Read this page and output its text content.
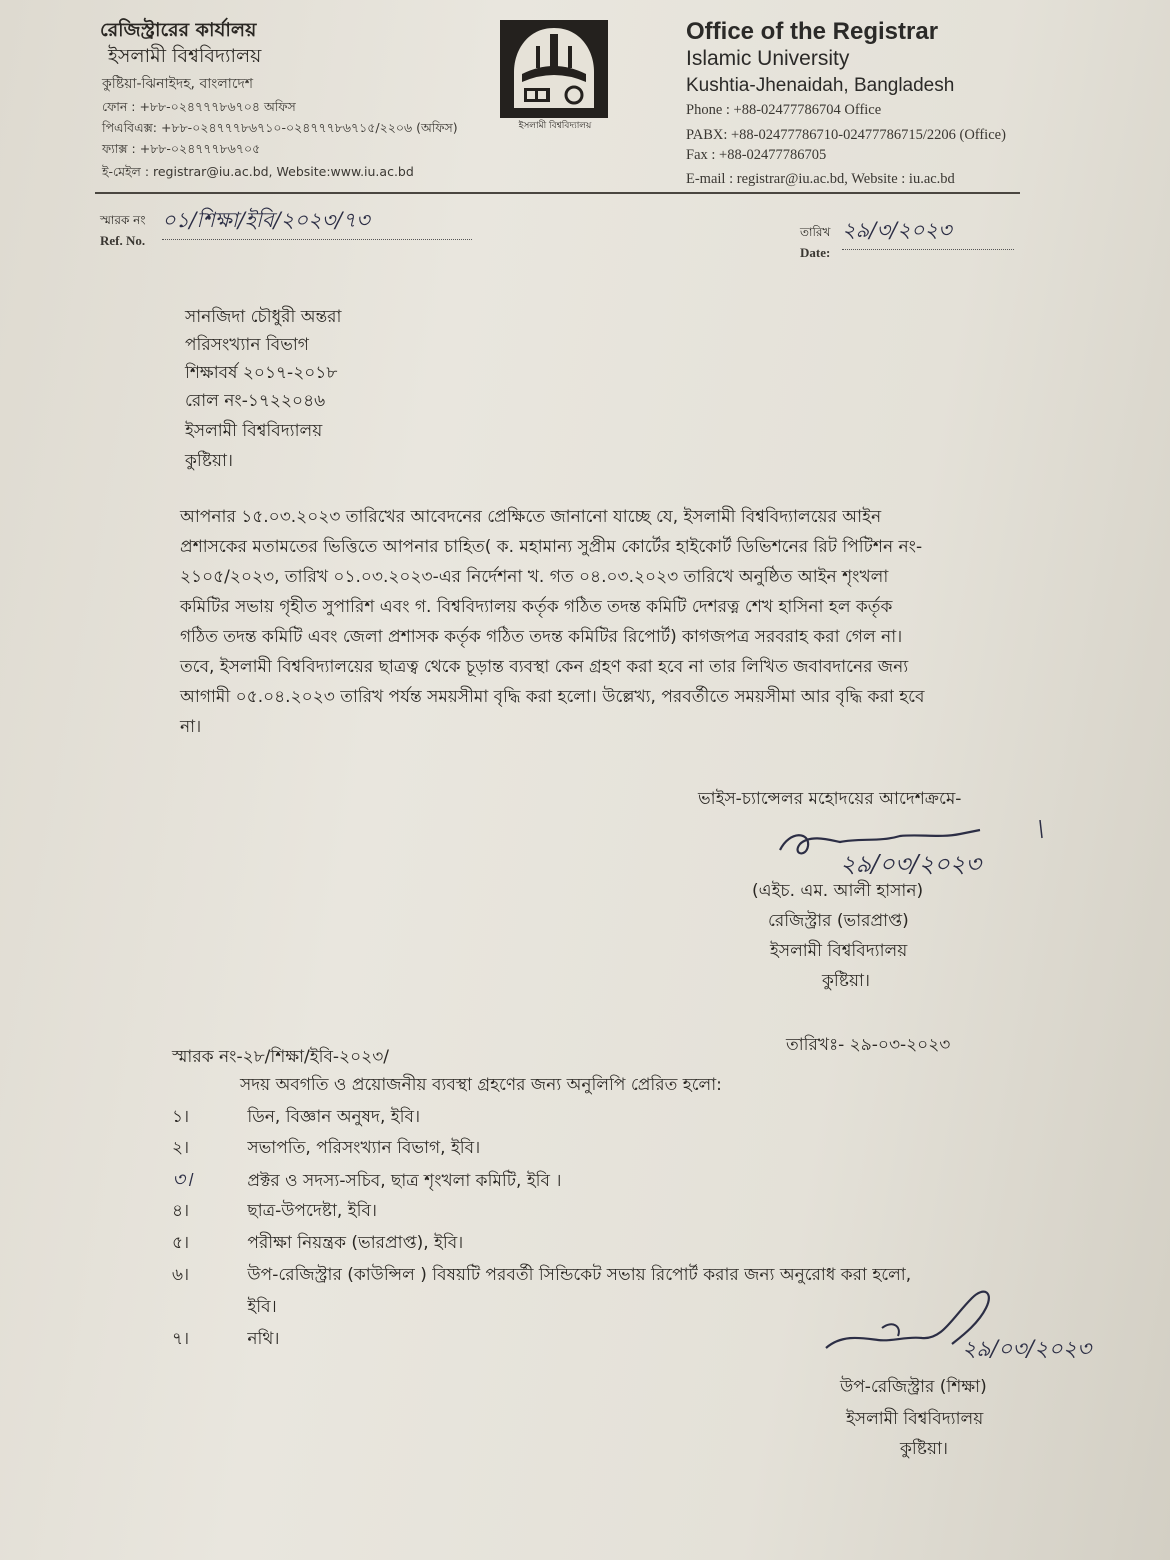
রেজিস্ট্রারের কার্যালয়
ইসলামী বিশ্ববিদ্যালয়
কুষ্টিয়া-ঝিনাইদহ, বাংলাদেশ
ফোন : +৮৮-০২৪৭৭৭৮৬৭০৪ অফিস
পিএবিএক্স: +৮৮-০২৪৭৭৭৮৬৭১০-০২৪৭৭৭৮৬৭১৫/২২০৬ (অফিস)
ফ্যাক্স : +৮৮-০২৪৭৭৭৮৬৭০৫
ই-মেইল : registrar@iu.ac.bd, Website:www.iu.ac.bd
ইসলামী বিশ্ববিদ্যালয়
Office of the Registrar
Islamic University
Kushtia-Jhenaidah, Bangladesh
Phone : +88-02477786704 Office
PABX: +88-02477786710-02477786715/2206 (Office)
Fax : +88-02477786705
E-mail : registrar@iu.ac.bd, Website : iu.ac.bd
স্মারক নং
Ref. No.
০১/শিক্ষা/ইবি/২০২৩/৭৩	তারিখ
Date:
২৯/৩/২০২৩
সানজিদা চৌধুরী অন্তরা
পরিসংখ্যান বিভাগ
শিক্ষাবর্ষ ২০১৭-২০১৮
রোল নং-১৭২২০৪৬
ইসলামী বিশ্ববিদ্যালয়
কুষ্টিয়া।
আপনার ১৫.০৩.২০২৩ তারিখের আবেদনের প্রেক্ষিতে জানানো যাচ্ছে যে, ইসলামী বিশ্ববিদ্যালয়ের আইন
প্রশাসকের মতামতের ভিত্তিতে আপনার চাহিত( ক. মহামান্য সুপ্রীম কোর্টের হাইকোর্ট ডিভিশনের রিট পিটিশন নং-
২১০৫/২০২৩, তারিখ ০১.০৩.২০২৩-এর নির্দেশনা খ. গত ০৪.০৩.২০২৩ তারিখে অনুষ্ঠিত আইন শৃংখলা
কমিটির সভায় গৃহীত সুপারিশ এবং গ. বিশ্ববিদ্যালয় কর্তৃক গঠিত তদন্ত কমিটি দেশরত্ন শেখ হাসিনা হল কর্তৃক
গঠিত তদন্ত কমিটি এবং জেলা প্রশাসক কর্তৃক গঠিত তদন্ত কমিটির রিপোর্ট) কাগজপত্র সরবরাহ করা গেল না।
তবে, ইসলামী বিশ্ববিদ্যালয়ের ছাত্রত্ব থেকে চূড়ান্ত ব্যবস্থা কেন গ্রহণ করা হবে না তার লিখিত জবাবদানের জন্য
আগামী ০৫.০৪.২০২৩ তারিখ পর্যন্ত সময়সীমা বৃদ্ধি করা হলো। উল্লেখ্য, পরবর্তীতে সময়সীমা আর বৃদ্ধি করা হবে
না।
ভাইস-চ্যান্সেলর মহোদয়ের আদেশক্রমে-
২৯/০৩/২০২৩
(এইচ. এম. আলী হাসান)
রেজিস্ট্রার (ভারপ্রাপ্ত)
ইসলামী বিশ্ববিদ্যালয়
কুষ্টিয়া।
স্মারক নং-২৮/শিক্ষা/ইবি-২০২৩/
তারিখঃ- ২৯-০৩-২০২৩
সদয় অবগতি ও প্রয়োজনীয় ব্যবস্থা গ্রহণের জন্য অনুলিপি প্রেরিত হলো:
১।	ডিন, বিজ্ঞান অনুষদ, ইবি।
২।	সভাপতি, পরিসংখ্যান বিভাগ, ইবি।
৩।	প্রক্টর ও সদস্য-সচিব, ছাত্র শৃংখলা কমিটি, ইবি ।
৪।	ছাত্র-উপদেষ্টা, ইবি।
৫।	পরীক্ষা নিয়ন্ত্রক (ভারপ্রাপ্ত), ইবি।
৬।	উপ-রেজিস্ট্রার (কাউন্সিল ) বিষয়টি পরবর্তী সিন্ডিকেট সভায় রিপোর্ট করার জন্য অনুরোধ করা হলো,
ইবি।
৭।	নথি।	২৯/০৩/২০২৩
উপ-রেজিস্ট্রার (শিক্ষা)
ইসলামী বিশ্ববিদ্যালয়
কুষ্টিয়া।
